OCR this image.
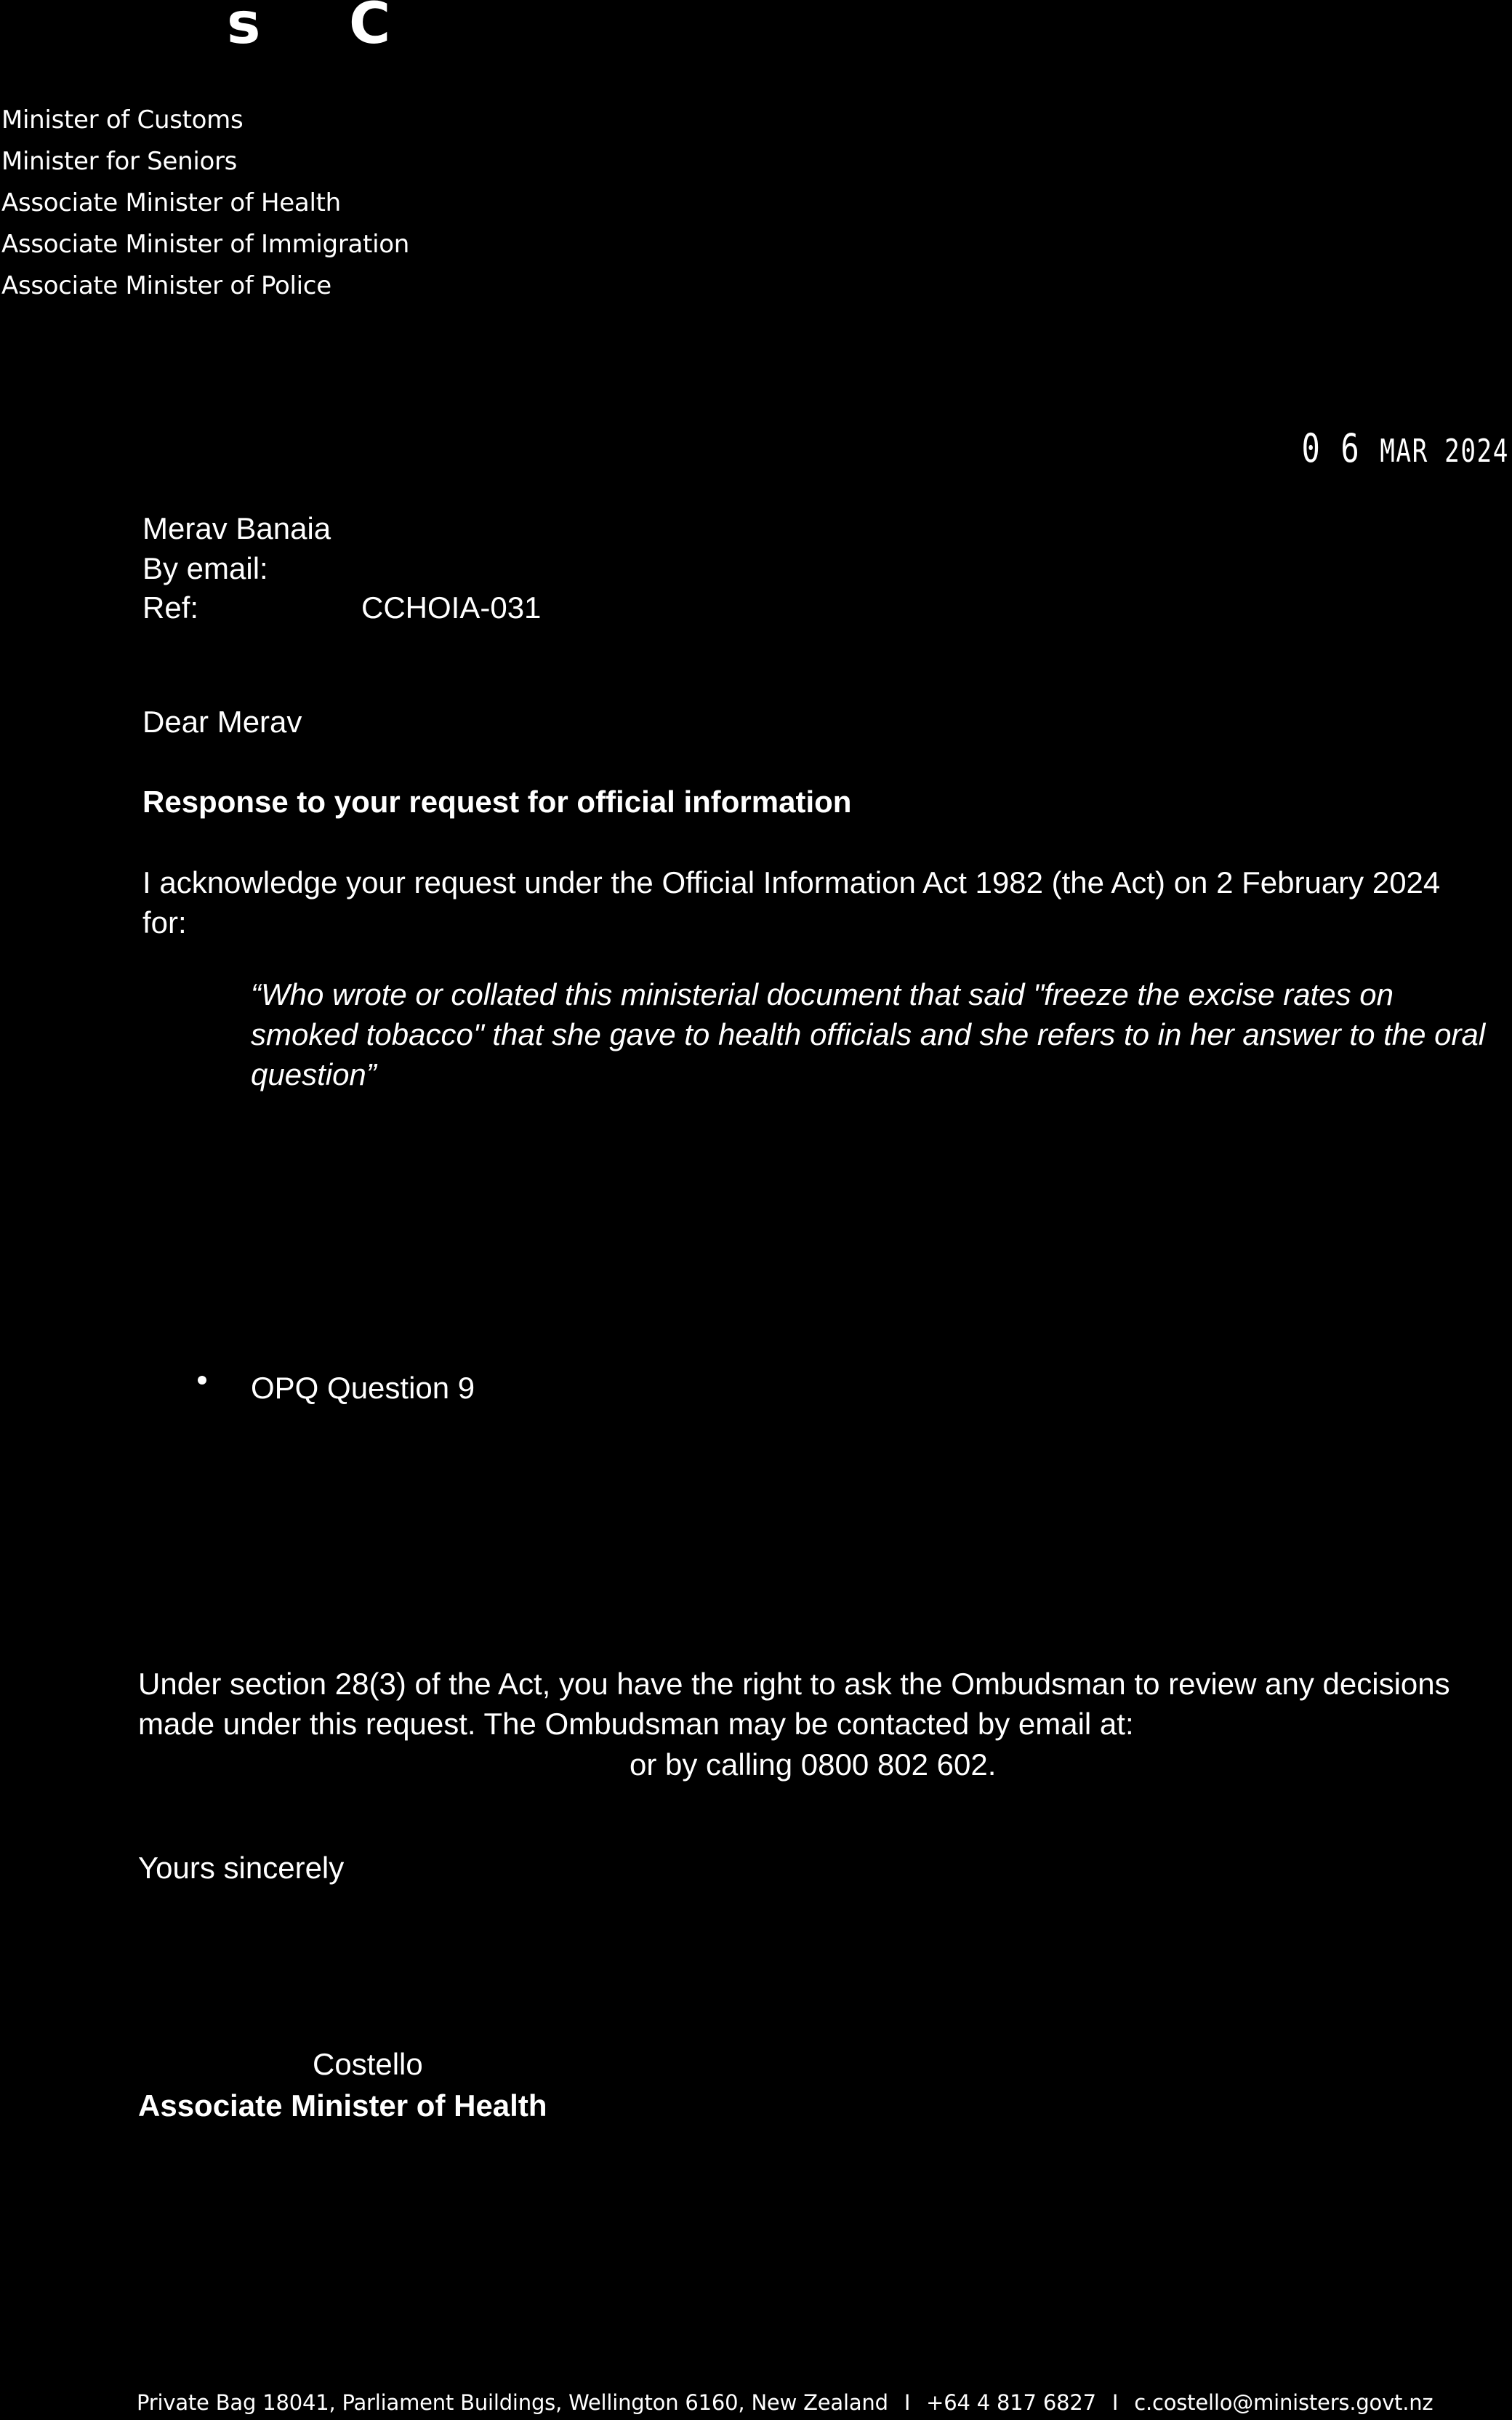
s C
Minister of Customs
Minister for Seniors
Associate Minister of Health
Associate Minister of Immigration
Associate Minister of Police
0 6 MAR 2024
Merav Banaia
By email:
Ref:	CCHOIA-031
Dear Merav
Response to your request for official information
I acknowledge your request under the Official Information Act 1982 (the Act) on 2 February 2024 for:
“Who wrote or collated this ministerial document that said "freeze the excise rates on smoked tobacco" that she gave to health officials and she refers to in her answer to the oral question”
OPQ Question 9
Under section 28(3) of the Act, you have the right to ask the Ombudsman to review any decisions made under this request. The Ombudsman may be contacted by email at:
or by calling 0800 802 602.
Yours sincerely
Costello
Associate Minister of Health
Private Bag 18041, Parliament Buildings, Wellington 6160, New Zealand I +64 4 817 6827 I c.costello@ministers.govt.nz
